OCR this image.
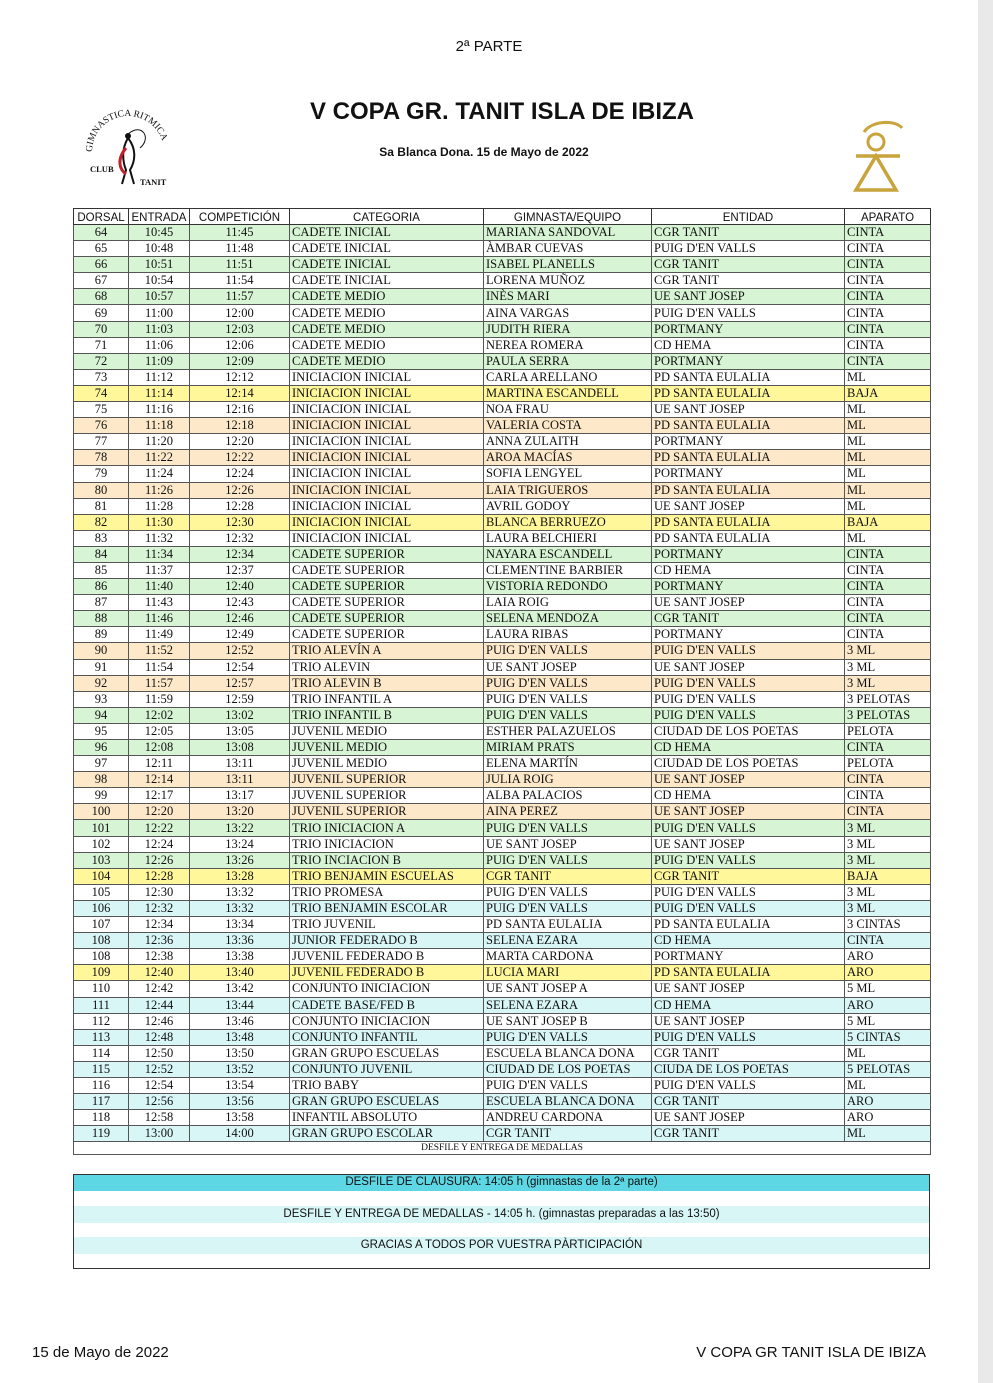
2ª PARTE
GIMNASTICA RITMICA
CLUB
TANIT
V COPA GR. TANIT ISLA DE IBIZA
Sa Blanca Dona. 15 de Mayo de 2022
DORSAL	ENTRADA	COMPETICIÓN	CATEGORIA	GIMNASTA/EQUIPO	ENTIDAD	APARATO
64	10:45	11:45	CADETE INICIAL	MARIANA SANDOVAL	CGR TANIT	CINTA
65	10:48	11:48	CADETE INICIAL	ÀMBAR CUEVAS	PUIG D'EN VALLS	CINTA
66	10:51	11:51	CADETE INICIAL	ISABEL PLANELLS	CGR TANIT	CINTA
67	10:54	11:54	CADETE INICIAL	LORENA MUÑOZ	CGR TANIT	CINTA
68	10:57	11:57	CADETE MEDIO	INÈS MARI	UE SANT JOSEP	CINTA
69	11:00	12:00	CADETE MEDIO	AINA VARGAS	PUIG D'EN VALLS	CINTA
70	11:03	12:03	CADETE MEDIO	JUDITH RIERA	PORTMANY	CINTA
71	11:06	12:06	CADETE MEDIO	NEREA ROMERA	CD HEMA	CINTA
72	11:09	12:09	CADETE MEDIO	PAULA SERRA	PORTMANY	CINTA
73	11:12	12:12	INICIACION INICIAL	CARLA ARELLANO	PD SANTA EULALIA	ML
74	11:14	12:14	INICIACION INICIAL	MARTINA ESCANDELL	PD SANTA EULALIA	BAJA
75	11:16	12:16	INICIACION INICIAL	NOA FRAU	UE SANT JOSEP	ML
76	11:18	12:18	INICIACION INICIAL	VALERIA COSTA	PD SANTA EULALIA	ML
77	11:20	12:20	INICIACION INICIAL	ANNA ZULAITH	PORTMANY	ML
78	11:22	12:22	INICIACION INICIAL	AROA MACÍAS	PD SANTA EULALIA	ML
79	11:24	12:24	INICIACION INICIAL	SOFIA LENGYEL	PORTMANY	ML
80	11:26	12:26	INICIACION INICIAL	LAIA TRIGUEROS	PD SANTA EULALIA	ML
81	11:28	12:28	INICIACION INICIAL	AVRIL GODOY	UE SANT JOSEP	ML
82	11:30	12:30	INICIACION INICIAL	BLANCA BERRUEZO	PD SANTA EULALIA	BAJA
83	11:32	12:32	INICIACION INICIAL	LAURA BELCHIERI	PD SANTA EULALIA	ML
84	11:34	12:34	CADETE SUPERIOR	NAYARA ESCANDELL	PORTMANY	CINTA
85	11:37	12:37	CADETE SUPERIOR	CLEMENTINE BARBIER	CD HEMA	CINTA
86	11:40	12:40	CADETE SUPERIOR	VISTORIA REDONDO	PORTMANY	CINTA
87	11:43	12:43	CADETE SUPERIOR	LAIA ROIG	UE SANT JOSEP	CINTA
88	11:46	12:46	CADETE SUPERIOR	SELENA MENDOZA	CGR TANIT	CINTA
89	11:49	12:49	CADETE SUPERIOR	LAURA RIBAS	PORTMANY	CINTA
90	11:52	12:52	TRIO ALEVÍN A	PUIG D'EN VALLS	PUIG D'EN VALLS	3 ML
91	11:54	12:54	TRIO ALEVIN	UE SANT JOSEP	UE SANT JOSEP	3 ML
92	11:57	12:57	TRIO ALEVIN B	PUIG D'EN VALLS	PUIG D'EN VALLS	3 ML
93	11:59	12:59	TRIO INFANTIL A	PUIG D'EN VALLS	PUIG D'EN VALLS	3 PELOTAS
94	12:02	13:02	TRIO INFANTIL B	PUIG D'EN VALLS	PUIG D'EN VALLS	3 PELOTAS
95	12:05	13:05	JUVENIL MEDIO	ESTHER PALAZUELOS	CIUDAD DE LOS POETAS	PELOTA
96	12:08	13:08	JUVENIL MEDIO	MIRIAM PRATS	CD HEMA	CINTA
97	12:11	13:11	JUVENIL MEDIO	ELENA MARTÍN	CIUDAD DE LOS POETAS	PELOTA
98	12:14	13:11	JUVENIL SUPERIOR	JULIA ROIG	UE SANT JOSEP	CINTA
99	12:17	13:17	JUVENIL SUPERIOR	ALBA PALACIOS	CD HEMA	CINTA
100	12:20	13:20	JUVENIL SUPERIOR	AINA PEREZ	UE SANT JOSEP	CINTA
101	12:22	13:22	TRIO INICIACION A	PUIG D'EN VALLS	PUIG D'EN VALLS	3 ML
102	12:24	13:24	TRIO INICIACION	UE SANT JOSEP	UE SANT JOSEP	3 ML
103	12:26	13:26	TRIO INCIACION B	PUIG D'EN VALLS	PUIG D'EN VALLS	3 ML
104	12:28	13:28	TRIO BENJAMIN ESCUELAS	CGR TANIT	CGR TANIT	BAJA
105	12:30	13:32	TRIO PROMESA	PUIG D'EN VALLS	PUIG D'EN VALLS	3 ML
106	12:32	13:32	TRIO BENJAMIN ESCOLAR	PUIG D'EN VALLS	PUIG D'EN VALLS	3 ML
107	12:34	13:34	TRIO JUVENIL	PD SANTA EULALIA	PD SANTA EULALIA	3 CINTAS
108	12:36	13:36	JUNIOR FEDERADO B	SELENA EZARA	CD HEMA	CINTA
108	12:38	13:38	JUVENIL FEDERADO B	MARTA CARDONA	PORTMANY	ARO
109	12:40	13:40	JUVENIL FEDERADO B	LUCIA MARI	PD SANTA EULALIA	ARO
110	12:42	13:42	CONJUNTO INICIACION	UE SANT JOSEP A	UE SANT JOSEP	5 ML
111	12:44	13:44	CADETE BASE/FED B	SELENA EZARA	CD HEMA	ARO
112	12:46	13:46	CONJUNTO INICIACION	UE SANT JOSEP B	UE SANT JOSEP	5 ML
113	12:48	13:48	CONJUNTO INFANTIL	PUIG D'EN VALLS	PUIG D'EN VALLS	5 CINTAS
114	12:50	13:50	GRAN GRUPO ESCUELAS	ESCUELA BLANCA DONA	CGR TANIT	ML
115	12:52	13:52	CONJUNTO JUVENIL	CIUDAD DE LOS POETAS	CIUDA DE LOS POETAS	5 PELOTAS
116	12:54	13:54	TRIO BABY	PUIG D'EN VALLS	PUIG D'EN VALLS	ML
117	12:56	13:56	GRAN GRUPO ESCUELAS	ESCUELA BLANCA DONA	CGR TANIT	ARO
118	12:58	13:58	INFANTIL ABSOLUTO	ANDREU CARDONA	UE SANT JOSEP	ARO
119	13:00	14:00	GRAN GRUPO ESCOLAR	CGR TANIT	CGR TANIT	ML
DESFILE Y ENTREGA DE MEDALLAS						
DESFILE DE CLAUSURA: 14:05 h (gimnastas de la 2ª parte)
DESFILE Y ENTREGA DE MEDALLAS - 14:05 h. (gimnastas preparadas a las 13:50)
GRACIAS A TODOS POR VUESTRA PÀRTICIPACIÓN
15 de Mayo de 2022	V COPA GR TANIT ISLA DE IBIZA
